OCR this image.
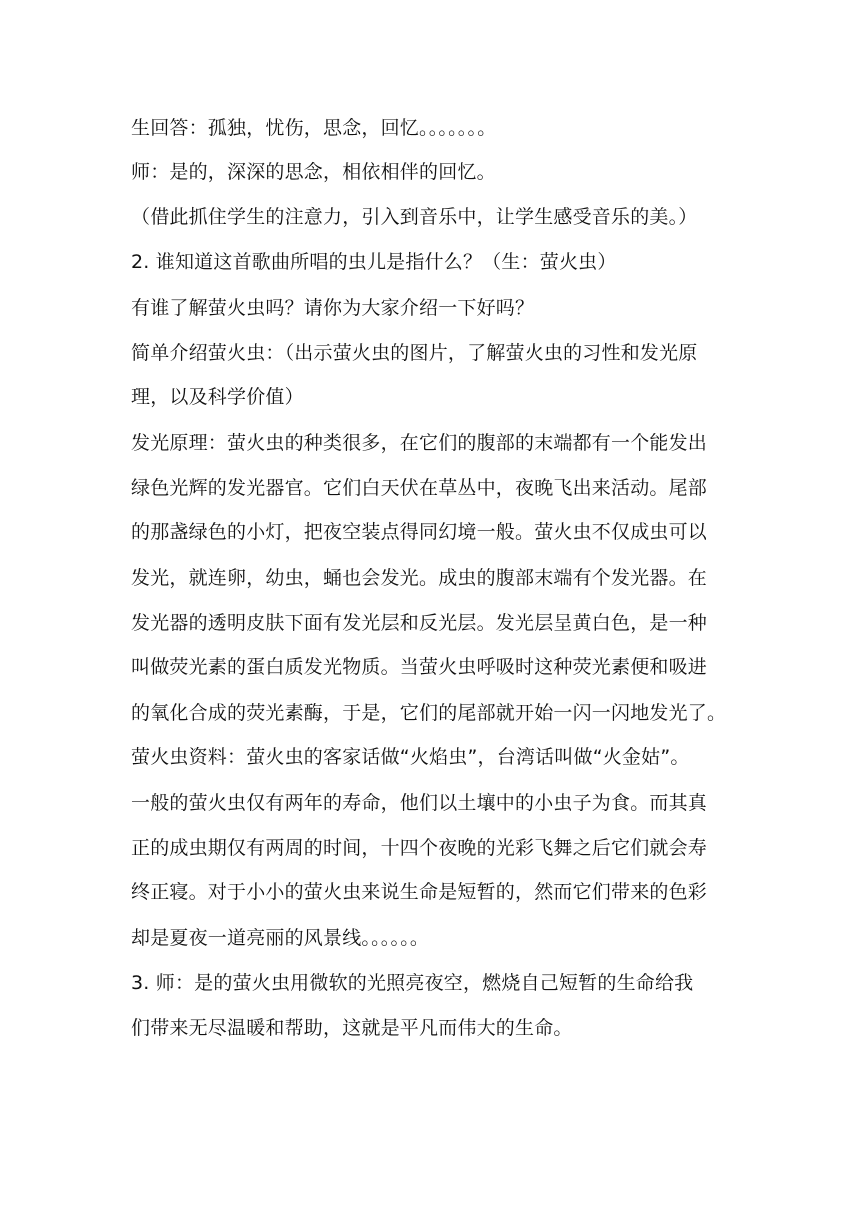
生回答：孤独，忧伤，思念，回忆。。。。。。。
师：是的，深深的思念，相依相伴的回忆。
（借此抓住学生的注意力，引入到音乐中，让学生感受音乐的美。）
2. 谁知道这首歌曲所唱的虫儿是指什么？（生：萤火虫）
有谁了解萤火虫吗？请你为大家介绍一下好吗？
简单介绍萤火虫：（出示萤火虫的图片，了解萤火虫的习性和发光原
理，以及科学价值）
发光原理：萤火虫的种类很多，在它们的腹部的末端都有一个能发出
绿色光辉的发光器官。它们白天伏在草丛中，夜晚飞出来活动。尾部
的那盏绿色的小灯，把夜空装点得同幻境一般。萤火虫不仅成虫可以
发光，就连卵，幼虫，蛹也会发光。成虫的腹部末端有个发光器。在
发光器的透明皮肤下面有发光层和反光层。发光层呈黄白色，是一种
叫做荧光素的蛋白质发光物质。当萤火虫呼吸时这种荧光素便和吸进
的氧化合成的荧光素酶，于是，它们的尾部就开始一闪一闪地发光了。
萤火虫资料：萤火虫的客家话做“火焰虫”，台湾话叫做“火金姑”。
一般的萤火虫仅有两年的寿命，他们以土壤中的小虫子为食。而其真
正的成虫期仅有两周的时间，十四个夜晚的光彩飞舞之后它们就会寿
终正寝。对于小小的萤火虫来说生命是短暂的，然而它们带来的色彩
却是夏夜一道亮丽的风景线。。。。。。
3. 师：是的萤火虫用微软的光照亮夜空，燃烧自己短暂的生命给我
们带来无尽温暖和帮助，这就是平凡而伟大的生命。
